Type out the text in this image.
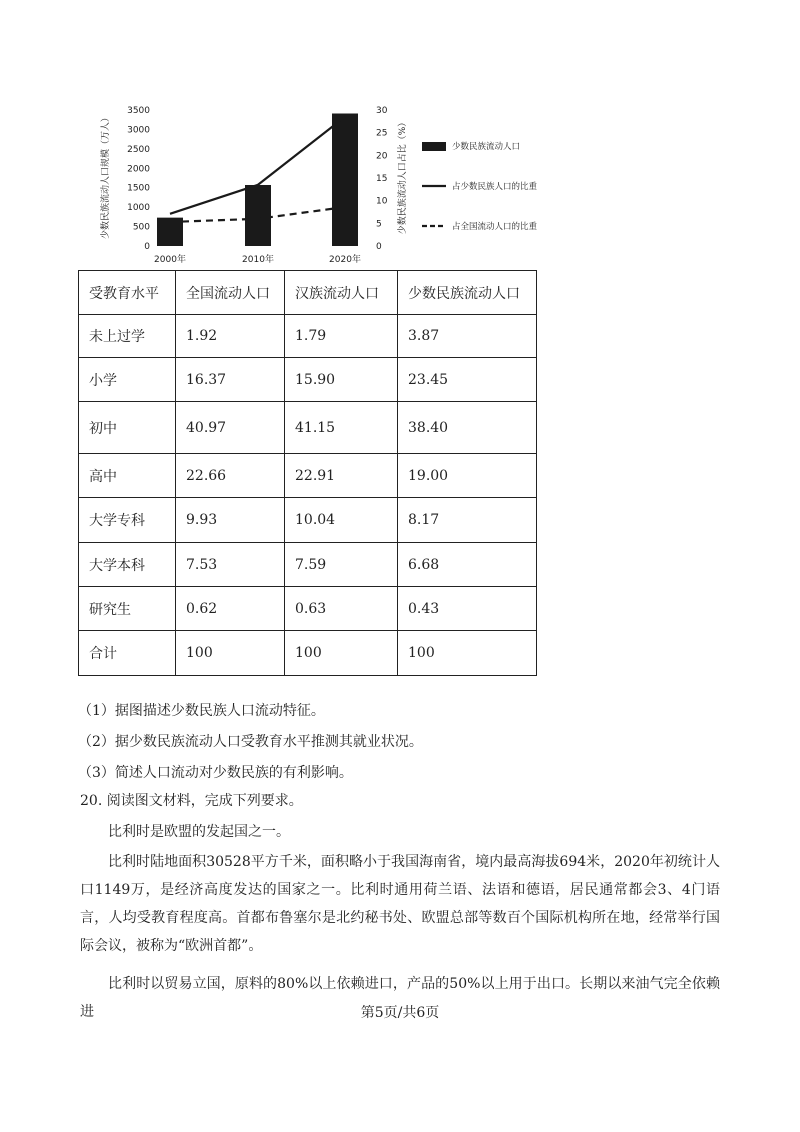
0
500
1000
1500
2000
2500
3000
3500
0
5
10
15
20
25
30
少数民族流动人口规模（万人）	少数民族流动人口占比（%）
2000年	2010年	2020年
少数民族流动人口
占少数民族人口的比重
占全国流动人口的比重
受教育水平	全国流动人口	汉族流动人口	少数民族流动人口
未上过学	1.92	1.79	3.87
小学	16.37	15.90	23.45
初中	40.97	41.15	38.40
高中	22.66	22.91	19.00
大学专科	9.93	10.04	8.17
大学本科	7.53	7.59	6.68
研究生	0.62	0.63	0.43
合计	100	100	100
（1）据图描述少数民族人口流动特征。
（2）据少数民族流动人口受教育水平推测其就业状况。
（3）简述人口流动对少数民族的有利影响。
20. 阅读图文材料，完成下列要求。
比利时是欧盟的发起国之一。
比利时陆地面积30528平方千米，面积略小于我国海南省，境内最高海拔694米，2020年初统计人口1149万，是经济高度发达的国家之一。比利时通用荷兰语、法语和德语，居民通常都会3、4门语言，人均受教育程度高。首都布鲁塞尔是北约秘书处、欧盟总部等数百个国际机构所在地，经常举行国际会议，被称为“欧洲首都”。
比利时以贸易立国，原料的80%以上依赖进口，产品的50%以上用于出口。长期以来油气完全依赖进	第5页/共6页
